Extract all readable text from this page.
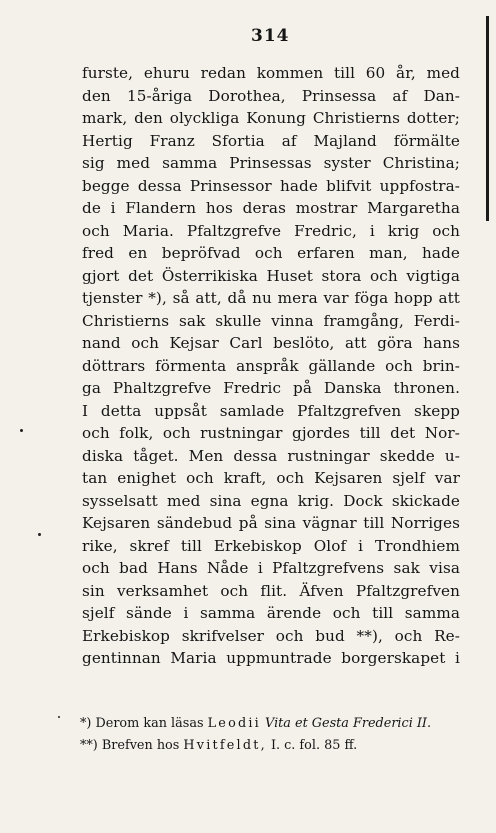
314
furste, ehuru redan kommen till 60 år, med
den 15-åriga Dorothea, Prinsessa af Dan-
mark, den olyckliga Konung Christierns dotter;
Hertig Franz Sfortia af Majland förmälte
sig med samma Prinsessas syster Christina;
begge dessa Prinsessor hade blifvit uppfostra-
de i Flandern hos deras mostrar Margaretha
och Maria. Pfaltzgrefve Fredric, i krig och
fred en bepröfvad och erfaren man, hade
gjort det Österrikiska Huset stora och vigtiga
tjenster *), så att, då nu mera var föga hopp att
Christierns sak skulle vinna framgång, Ferdi-
nand och Kejsar Carl beslöto, att göra hans
döttrars förmenta anspråk gällande och brin-
ga Phaltzgrefve Fredric på Danska thronen.
I detta uppsåt samlade Pfaltzgrefven skepp
och folk, och rustningar gjordes till det Nor-
diska tåget. Men dessa rustningar skedde u-
tan enighet och kraft, och Kejsaren sjelf var
sysselsatt med sina egna krig. Dock skickade
Kejsaren sändebud på sina vägnar till Norriges
rike, skref till Erkebiskop Olof i Trondhiem
och bad Hans Nåde i Pfaltzgrefvens sak visa
sin verksamhet och flit. Äfven Pfaltzgrefven
sjelf sände i samma ärende och till samma
Erkebiskop skrifvelser och bud **), och Re-
gentinnan Maria uppmuntrade borgerskapet i
*) Derom kan läsas Leodii Vita et Gesta Frederici II.
**) Brefven hos Hvitfeldt, I. c. fol. 85 ff.
